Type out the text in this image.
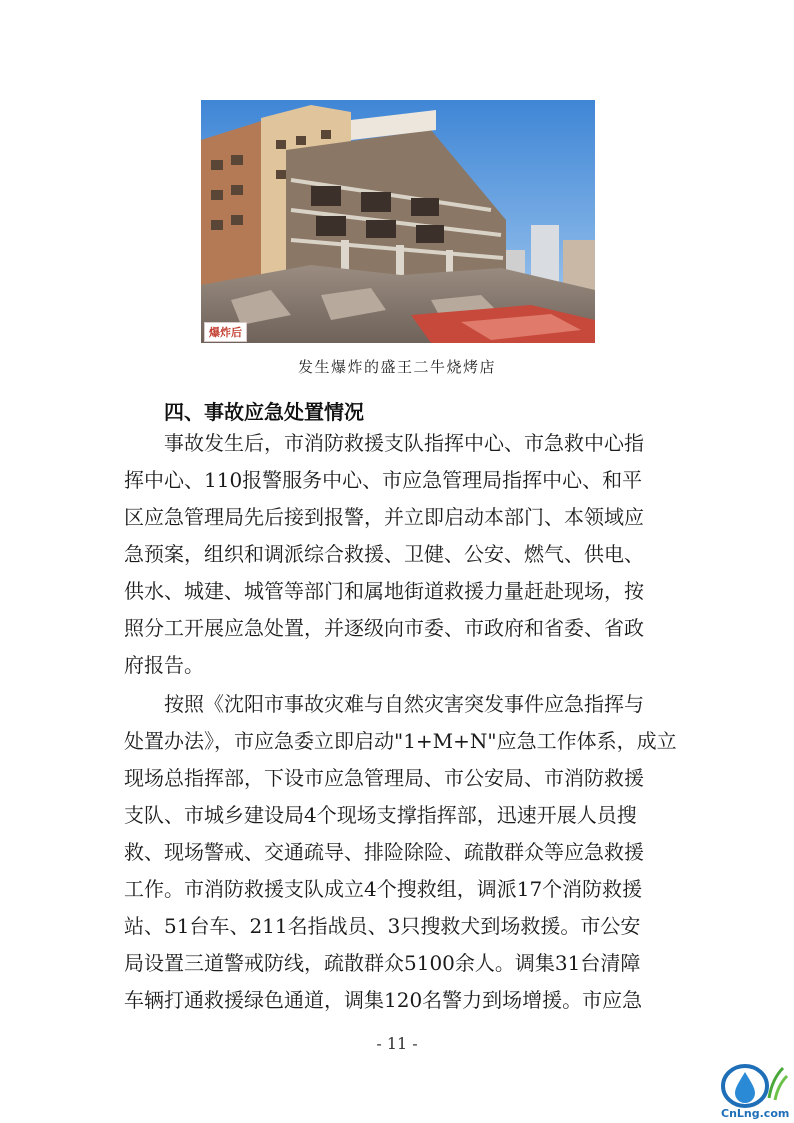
爆炸后
发生爆炸的盛王二牛烧烤店
四、事故应急处置情况
事故发生后，市消防救援支队指挥中心、市急救中心指
挥中心、110报警服务中心、市应急管理局指挥中心、和平
区应急管理局先后接到报警，并立即启动本部门、本领域应
急预案，组织和调派综合救援、卫健、公安、燃气、供电、
供水、城建、城管等部门和属地街道救援力量赶赴现场，按
照分工开展应急处置，并逐级向市委、市政府和省委、省政
府报告。
按照《沈阳市事故灾难与自然灾害突发事件应急指挥与
处置办法》，市应急委立即启动"1+M+N"应急工作体系，成立
现场总指挥部，下设市应急管理局、市公安局、市消防救援
支队、市城乡建设局4个现场支撑指挥部，迅速开展人员搜
救、现场警戒、交通疏导、排险除险、疏散群众等应急救援
工作。市消防救援支队成立4个搜救组，调派17个消防救援
站、51台车、211名指战员、3只搜救犬到场救援。市公安
局设置三道警戒防线，疏散群众5100余人。调集31台清障
车辆打通救援绿色通道，调集120名警力到场增援。市应急
- 11 -
CnLng.com
